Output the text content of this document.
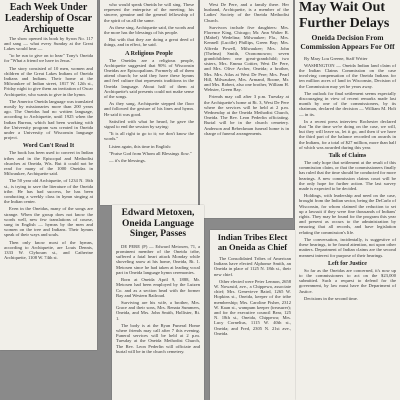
Each Week Under Leadership of Oscar Archiquette

The show opened its book by Syron No. 117 and sang — what every Sunday at the Great Lakes would hear —

"to be run to give on to hear" Tony's Oneida for "What a friend we have in Jesus."

The story consisted of 10 men, women and children of the Great Lakes Indians of Oneida Indians and Indians. Their home at the Milwaukee of Indian street, 1817 W. 12th st., Friday night to give them an invitation of Oscar Archiquette, who wants to give in the hymn.

The Americo Oneida language was translated mostly by missionaries more than 200 years ago. The Oneidas had no written language, according to Archiquette, until 1925 when the Indian Bureau, which had been working with the University program was created in Oneida under a University of Wisconsin language project.

Word Can't Read It

The book has been used to convert in Indian tribes and in the Episcopal and Methodist churches at Oneida, Wis. But it could not be read for many of the 1000 Oneidas in Milwaukee, Archiquette said.

The 50 year old Archiquette, of 1234 N. 16th st., is trying to save the literature of the Oneida tribe. He has had success, he has been conducting a weekly class in hymn singing at the Indian center.

Even in the Oneidas, many of the songs are strange. When the group does not know the words well, new few translations of course, sung in English — hymns by the men and women on the tree and Indians. Their hymns speak of their ways and souls.

Then only know most of the hymns, according to Archiquette, are Louis Dennis, 1333 W. Clybourn st., and Catherine Archiquette, 1108 W. 74th st.

who would speak Oneida he will sing. These represent the enterprise of the meeting; his sincere, genuine and the general fellowship of the spirit of us all the same.

As these sing, Archiquette said, the words and the more has the blessings of his people.

But with that they are doing a great deed of things, and in effect, he said.

A Religious People

The Oneidas are a religious people, Archiquette suggested that 90% of Wisconsin Oneidas are Episcopalians. Formerly all of them attend church; he said they have these hymns and feel culture that represents traditions in the Oneida language. About half of them at Archiquette's said presents could not make sense of the songs.

As they sang, Archiquette stepped the floor and followed the gesture of his lines and hymn. He said it was good.

Satisfied with what he heard, he gave the signal to end the session by saying:

"It is all right to go to it; we don't know the words."

Listen again, this time in English:

"Praise God from Whom all Blessings flow."

— it's the blessings.

West De Pere, and a family there. Her husband, Archiquette, is a member of the Ladies' Society of the Oneida Methodist Church.

Survivors include five daughters: Mrs. Florence King, Chicago; Mr. Ann Walter R. (Mabel) Wedelina; Milwaukee; Fla., Mrs. Kennell (Lucille) Phillips, Green Bay; Mrs. Alfreda Powell, Milwaukee; Mrs. John (Thelma) Smith, Oconomowoc; seven grandchildren: one great-grandchild; two sisters, Mrs. Emma Cottier, West De Pere, and Mrs. Olive Archer, Oneida; a brother, Mrs. Mrs. Atlas at West De Pere; Mrs. Pearl Hill, Milwaukee, Mrs. Armand, Boone, Mr. and Mrs. Robert, also one brother, William H. Webster, Green Bay.

Friends may call after 3 p.m. Tuesday at the Archiquette's home at Rt. 3, West De Pere where the services will be held at 2 p.m. Wednesday at the Oneida Methodist Church, Oneida. The Rev. Leon Pederlin officiating. Burial will be in the church cemetery. Anderson and Rebeckman funeral home is in charge of funeral arrangements.

May Wait Out Further Delays
Oneida Decision From Commission Appears For Off

By Mary Lou Greene, Staff Writer

WASHINGTON — Oneida Indian land claim of the Indian Claims Commission on the case involving compensation of the Oneida Indians for ten million acres of land in Wisconsin, Decision of the Commission may yet be years away.

The outlook for final settlement seems especially discouraging in view of recent remarks made last month by one of the commissioners, by its chairman, declared the decision — William M. Holt — in its.

In a recent press interview Rochester declared that "In the time we're doing on the case, we will, but they will leave us, let it go, and then if we have the third part of the balance recorded on awards in the Indians, for a total of $27 million, more than half of which was awarded during this year.

Talk of Claims

The only hope that settlement at the result of this commission claim, or that the commissioners finally has ruled that the time should be conducted for more hearings. A new commission claims court will be the only hope for further action. The last survey made is expected to be decided.

Holdings, with leadership and need on the case, brought from the Indian sector, being the DeCarlo of Wisconsin, for whom claimed the reduction to set up a lawsuit if they were fine thousands of Indians' rights. They may be found for the program this year and present as occurs to the administration by ensuring that all records, and have legislation relating the commission's life.

The conversation, incidentally, is suggestive of these hearings, to be found attention, not upon other matters. Department of Indian claims are the second meanest interest for purpose of their hearings.

Left for Justice

So far as the Oneidas are concerned, it's now up to the commissioners to act on the $23,000 submitted. Such a request to defend for the government, by law must have the Department of Justice.

Decisions in the second time.

Edward Metoxen, Oneida Language Singer, Passes

DE PERE (P) — Edward Metoxen, 71, a prominent member of the Oneida tribe, suffered a fatal heart attack Monday while shoveling snow at his home, Oneida, Rt. 1. Metoxen since he had taken at leading vocal part in Oneida language hymn ceremonies.

Born at Oneida April 9, 1888, Mr. Metoxen had been employed by the Lutzen Co. and as a section head with the former Bay and Western Railroad.

Surviving are his wife, a brother, Mrs. Grace and their sons, Mrs. Renata Summers, Oneida, and Mrs. John Smith, Hollister, Rt. 1.

The body is at the Ryan Funeral Home where friends may call after 7 this evening. Funeral services will be held at 2 p.m. Tuesday at the Oneida Methodist Church, The Rev. Leon Pederlin will officiate and burial will be in the church cemetery.

Indian Tribes Elect an Oneida as Chief

The Consolidated Tribes of American Indians have elected Alphonse Smith, an Oneida in place of 1125 N. 18th st., their new chief.

Other elected were Peter Lennon, 2658 W. Nowasid, ave., a Chippewa, associate chief; Mrs. Genevieve Baird, 1265 W. Hopkins st., Oneida, keeper of the tribe membership; Mrs. Caroline Fisher, 2312 W. Kaan st., wampum keeper (treasurer); and for the executive council Bear, 125 N. 18th st., Oneida, Chippewa; Mrs. Lucy Cornelius, 1115 W. 40th st., Oneida; and Fred, 2305 N. 21st ave., Oneida.
